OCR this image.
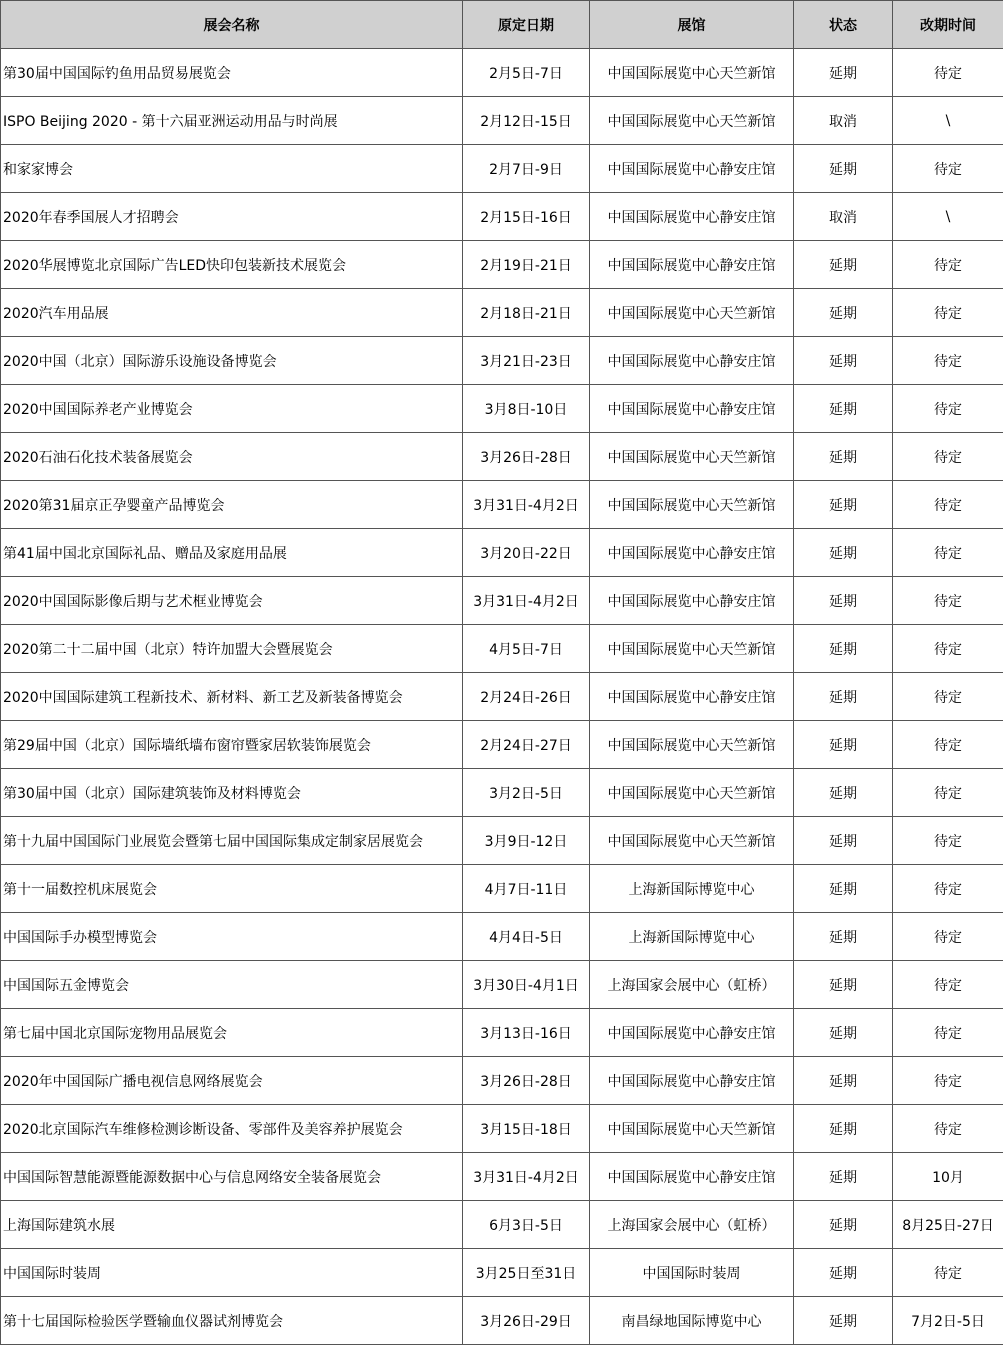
展会名称	原定日期	展馆	状态	改期时间
第30届中国国际钓鱼用品贸易展览会	2月5日-7日	中国国际展览中心天竺新馆	延期	待定
ISPO Beijing 2020 - 第十六届亚洲运动用品与时尚展	2月12日-15日	中国国际展览中心天竺新馆	取消	\
和家家博会	2月7日-9日	中国国际展览中心静安庄馆	延期	待定
2020年春季国展人才招聘会	2月15日-16日	中国国际展览中心静安庄馆	取消	\
2020华展博览北京国际广告LED快印包装新技术展览会	2月19日-21日	中国国际展览中心静安庄馆	延期	待定
2020汽车用品展	2月18日-21日	中国国际展览中心天竺新馆	延期	待定
2020中国（北京）国际游乐设施设备博览会	3月21日-23日	中国国际展览中心静安庄馆	延期	待定
2020中国国际养老产业博览会	3月8日-10日	中国国际展览中心静安庄馆	延期	待定
2020石油石化技术装备展览会	3月26日-28日	中国国际展览中心天竺新馆	延期	待定
2020第31届京正孕婴童产品博览会	3月31日-4月2日	中国国际展览中心天竺新馆	延期	待定
第41届中国北京国际礼品、赠品及家庭用品展	3月20日-22日	中国国际展览中心静安庄馆	延期	待定
2020中国国际影像后期与艺术框业博览会	3月31日-4月2日	中国国际展览中心静安庄馆	延期	待定
2020第二十二届中国（北京）特许加盟大会暨展览会	4月5日-7日	中国国际展览中心天竺新馆	延期	待定
2020中国国际建筑工程新技术、新材料、新工艺及新装备博览会	2月24日-26日	中国国际展览中心静安庄馆	延期	待定
第29届中国（北京）国际墙纸墙布窗帘暨家居软装饰展览会	2月24日-27日	中国国际展览中心天竺新馆	延期	待定
第30届中国（北京）国际建筑装饰及材料博览会	3月2日-5日	中国国际展览中心天竺新馆	延期	待定
第十九届中国国际门业展览会暨第七届中国国际集成定制家居展览会	3月9日-12日	中国国际展览中心天竺新馆	延期	待定
第十一届数控机床展览会	4月7日-11日	上海新国际博览中心	延期	待定
中国国际手办模型博览会	4月4日-5日	上海新国际博览中心	延期	待定
中国国际五金博览会	3月30日-4月1日	上海国家会展中心（虹桥）	延期	待定
第七届中国北京国际宠物用品展览会	3月13日-16日	中国国际展览中心静安庄馆	延期	待定
2020年中国国际广播电视信息网络展览会	3月26日-28日	中国国际展览中心静安庄馆	延期	待定
2020北京国际汽车维修检测诊断设备、零部件及美容养护展览会	3月15日-18日	中国国际展览中心天竺新馆	延期	待定
中国国际智慧能源暨能源数据中心与信息网络安全装备展览会	3月31日-4月2日	中国国际展览中心静安庄馆	延期	10月
上海国际建筑水展	6月3日-5日	上海国家会展中心（虹桥）	延期	8月25日-27日
中国国际时装周	3月25日至31日	中国国际时装周	延期	待定
第十七届国际检验医学暨输血仪器试剂博览会	3月26日-29日	南昌绿地国际博览中心	延期	7月2日-5日
